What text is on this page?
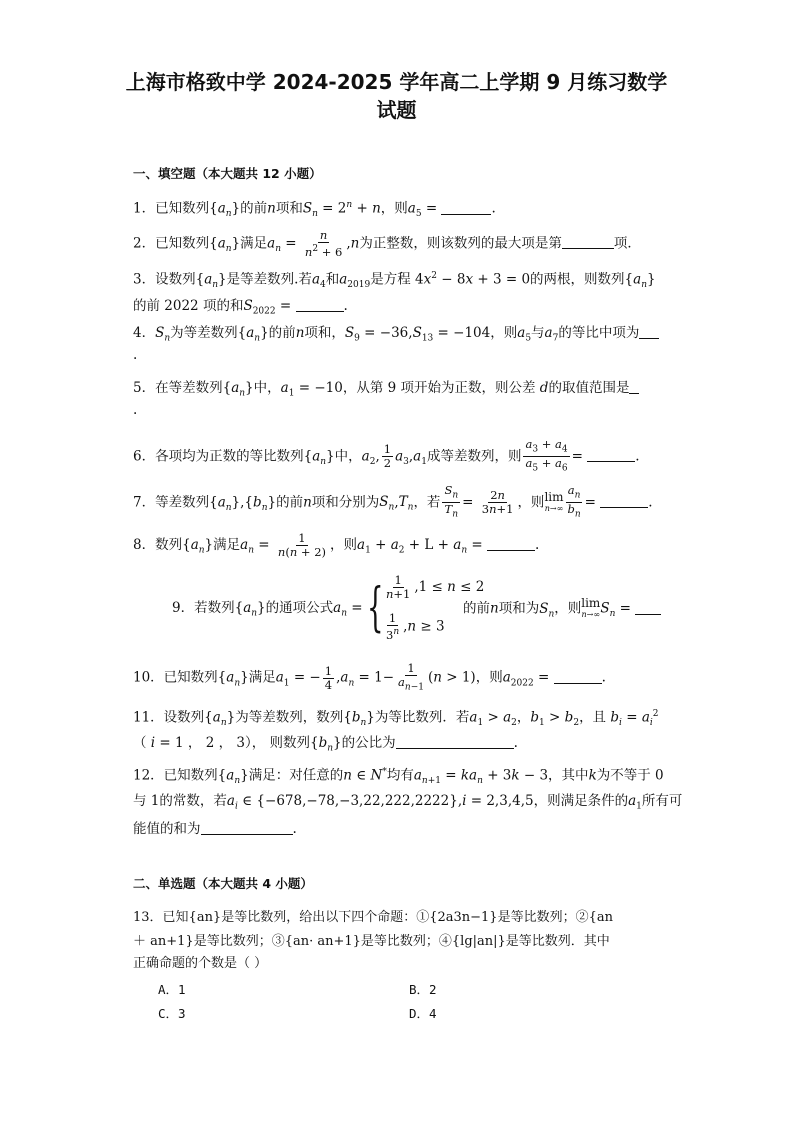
上海市格致中学 2024-2025 学年高二上学期 9 月练习数学
试题
一、填空题（本大题共 12 小题）
1．已知数列$\{a_n\}$的前n项和$S_n = 2^n + n$，则$a_5$ =	.
2．已知数列$\{a_n\}$满足$a_n = \frac{n}{n^2 + 6} ,n$为正整数，则该数列的最大项是第	项．
3．设数列$\{a_n\}$是等差数列.若$a_4$和$a_{2019}$是方程 $4x^2 - 8x + 3 = 0$的两根，则数列$\{a_n\}$
的前 2022 项的和$S_{2022}$ =	.
4．$S_n$为等差数列$\{a_n\}$的前n项和，$S_9 = -36,S_{13} = -104$，则$a_5$与$a_7$的等比中项为
.
5．在等差数列$\{a_n\}$中，$a_1 = -10$，从第 9 项开始为正数，则公差 d的取值范围是
.
6．各项均为正数的等比数列$\{a_n\}$中，$a_2$, $\frac{1}{2} a_3,a_1$成等差数列，则 $\frac{a_3 + a_4}{a_5 + a_6}$ =	.
7．等差数列$\{a_n\},\{b_n\}$的前n项和分别为$S_n,T_n$，若 $\frac{S_n}{T_n} = \frac{2n}{3n+1}$ ，则 lim
$n\to\infty \frac{a_n}{b_n}$ =	.
8．数列$\{a_n\}$满足$a_n = \frac{1}{n(n + 2)}$ ，则$a_1 + a_2 + L + a_n$ =	.
9．若数列$\{a_n\}$的通项公式$a_n$ = { $\frac{1}{n+1} ,1 \le n \le 2$
$\frac{1}{3^n} ,n \ge 3$
的前n项和为$S_n$，则 lim
n→∞ $S_n$ =
10．已知数列$\{a_n\}$满足$a_1$ = − $\frac{1}{4} ,a_n = 1- \frac{1}{a_{n-1}} (n > 1)$，则$a_{2022}$ =	.
11．设数列$\{a_n\}$为等差数列，数列$\{b_n\}$为等比数列．若$a_1 > a_2$，$b_1 > b_2$，且 $b_i = a_i^2$
（ i = 1 ， 2 ， 3）， 则数列$\{b_n\}$的公比为	.
12．已知数列$\{a_n\}$满足：对任意的n ∈ N*均有$a_{n+1} = ka_n + 3k - 3$，其中k为不等于 0
与 1的常数，若$a_i$ ∈ {−678,−78,−3,22,222,2222},i = 2,3,4,5，则满足条件的$a_1$所有可
能值的和为	.
二、单选题（本大题共 4 小题）
13．已知{an}是等比数列，给出以下四个命题：①{2a3n−1}是等比数列；②{an
＋ an+1}是等比数列；③{an· an+1}是等比数列；④{lg|an|}是等比数列．其中
正确命题的个数是（ ）
A．1	B．2
C．3	D．4
